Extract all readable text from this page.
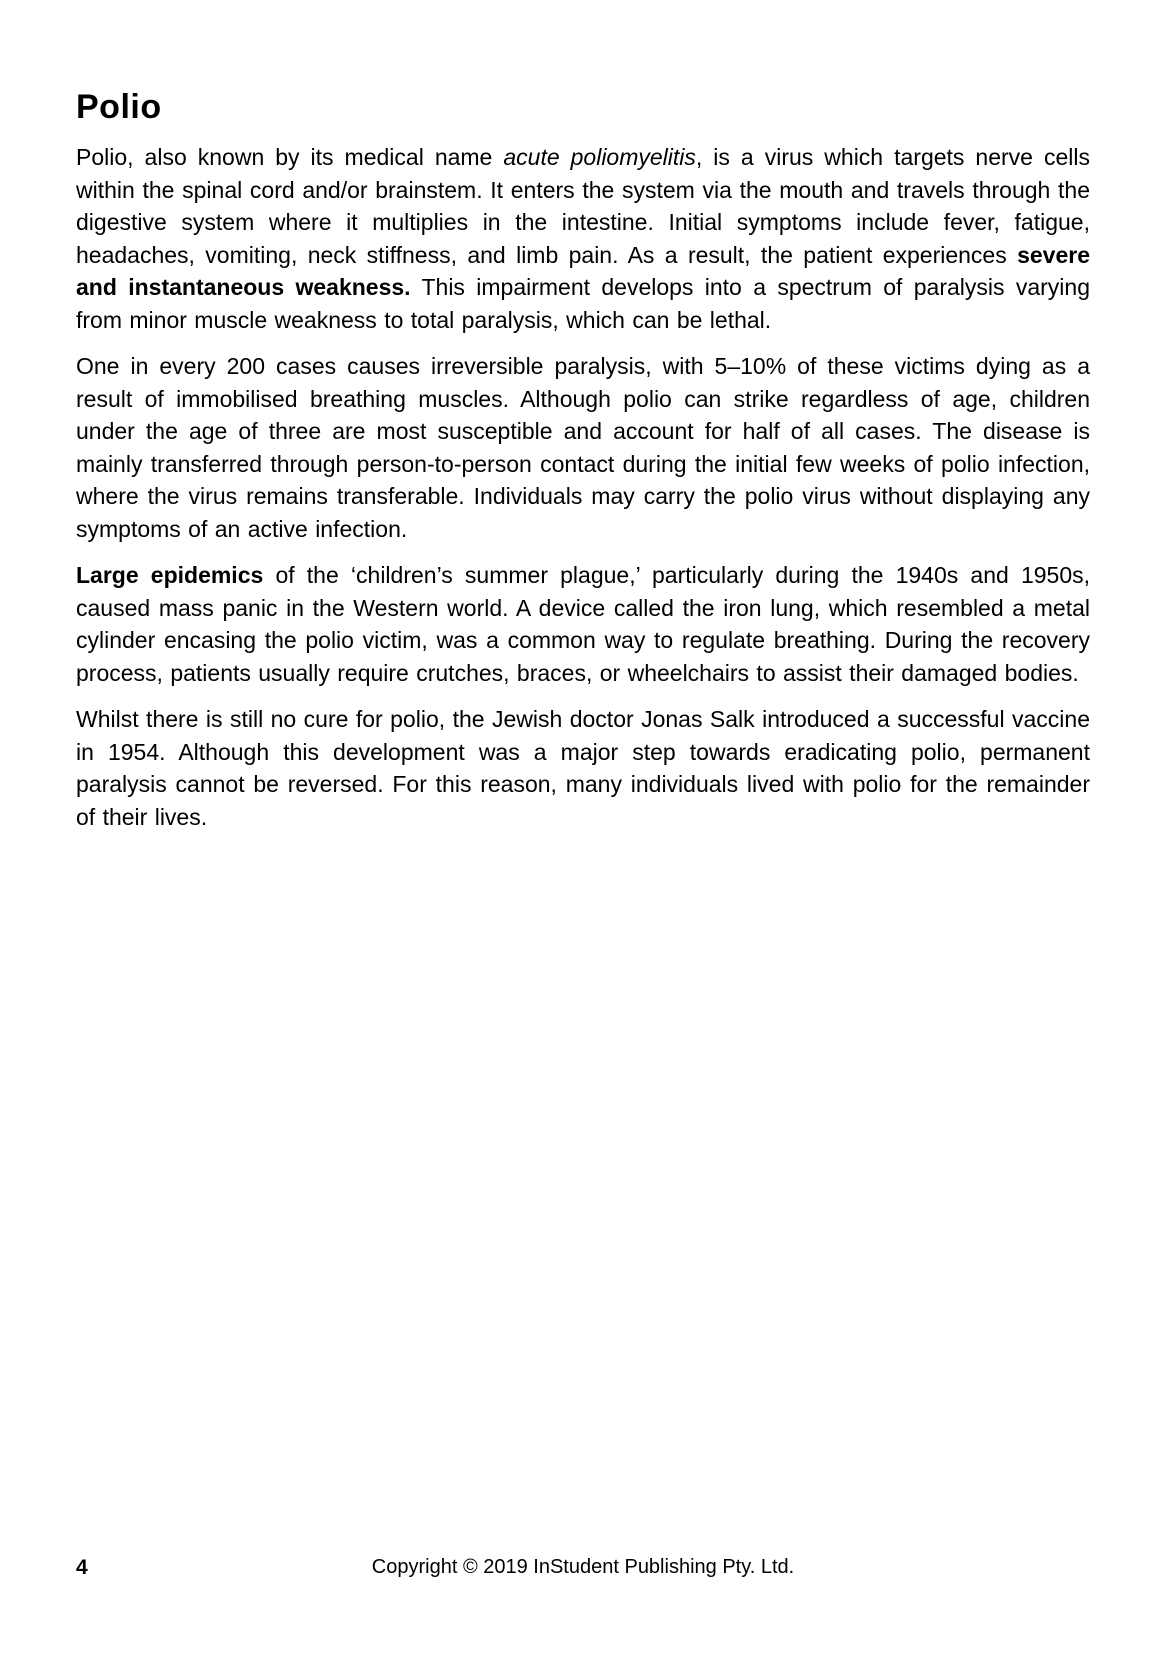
Polio

Polio, also known by its medical name acute poliomyelitis, is a virus which targets nerve cells within the spinal cord and/or brainstem. It enters the system via the mouth and travels through the digestive system where it multiplies in the intestine. Initial symptoms include fever, fatigue, headaches, vomiting, neck stiffness, and limb pain. As a result, the patient experiences severe and instantaneous weakness. This impairment develops into a spectrum of paralysis varying from minor muscle weakness to total paralysis, which can be lethal.

One in every 200 cases causes irreversible paralysis, with 5–10% of these victims dying as a result of immobilised breathing muscles. Although polio can strike regardless of age, children under the age of three are most susceptible and account for half of all cases. The disease is mainly transferred through person-to-person contact during the initial few weeks of polio infection, where the virus remains transferable. Individuals may carry the polio virus without displaying any symptoms of an active infection.

Large epidemics of the ‘children’s summer plague,’ particularly during the 1940s and 1950s, caused mass panic in the Western world. A device called the iron lung, which resembled a metal cylinder encasing the polio victim, was a common way to regulate breathing. During the recovery process, patients usually require crutches, braces, or wheelchairs to assist their damaged bodies.

Whilst there is still no cure for polio, the Jewish doctor Jonas Salk introduced a successful vaccine in 1954. Although this development was a major step towards eradicating polio, permanent paralysis cannot be reversed. For this reason, many individuals lived with polio for the remainder of their lives.

4	Copyright © 2019 InStudent Publishing Pty. Ltd.
